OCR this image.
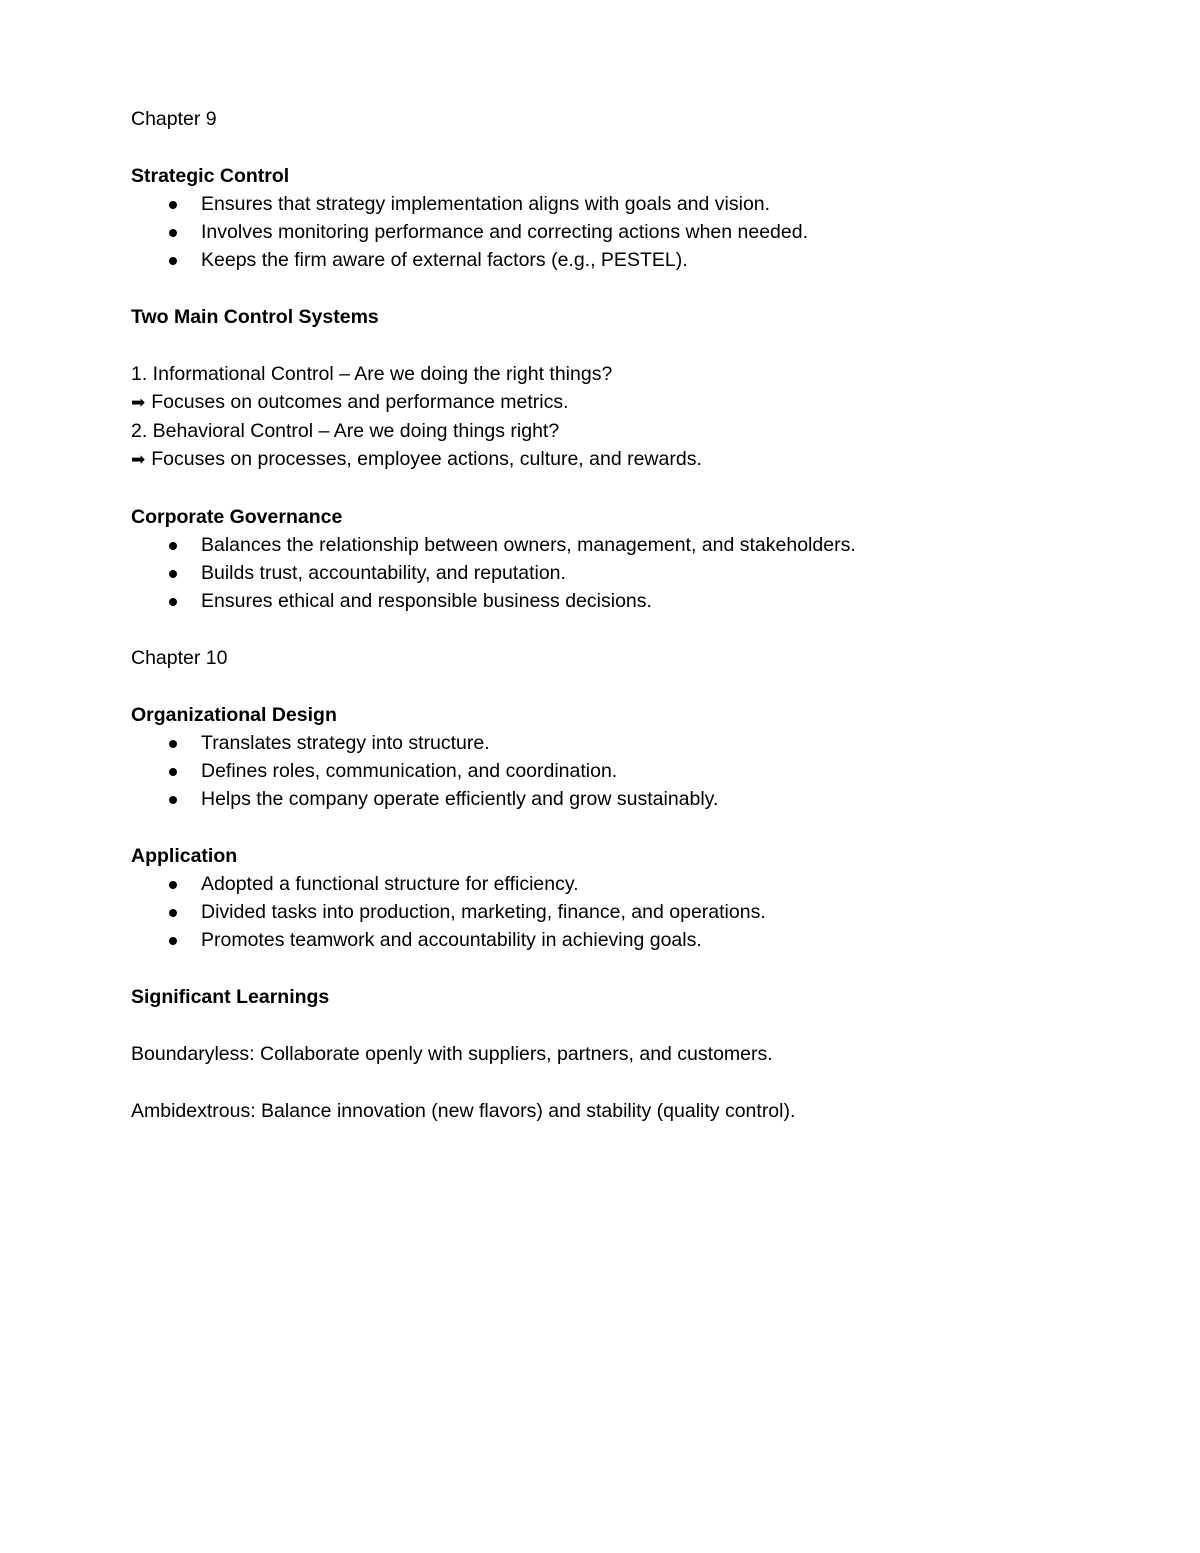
Chapter 9

Strategic Control

Ensures that strategy implementation aligns with goals and vision.

Involves monitoring performance and correcting actions when needed.

Keeps the firm aware of external factors (e.g., PESTEL).

Two Main Control Systems

1. Informational Control – Are we doing the right things?

➡ Focuses on outcomes and performance metrics.

2. Behavioral Control – Are we doing things right?

➡ Focuses on processes, employee actions, culture, and rewards.

Corporate Governance

Balances the relationship between owners, management, and stakeholders.

Builds trust, accountability, and reputation.

Ensures ethical and responsible business decisions.

Chapter 10

Organizational Design

Translates strategy into structure.

Defines roles, communication, and coordination.

Helps the company operate efficiently and grow sustainably.

Application

Adopted a functional structure for efficiency.

Divided tasks into production, marketing, finance, and operations.

Promotes teamwork and accountability in achieving goals.

Significant Learnings

Boundaryless: Collaborate openly with suppliers, partners, and customers.

Ambidextrous: Balance innovation (new flavors) and stability (quality control).
